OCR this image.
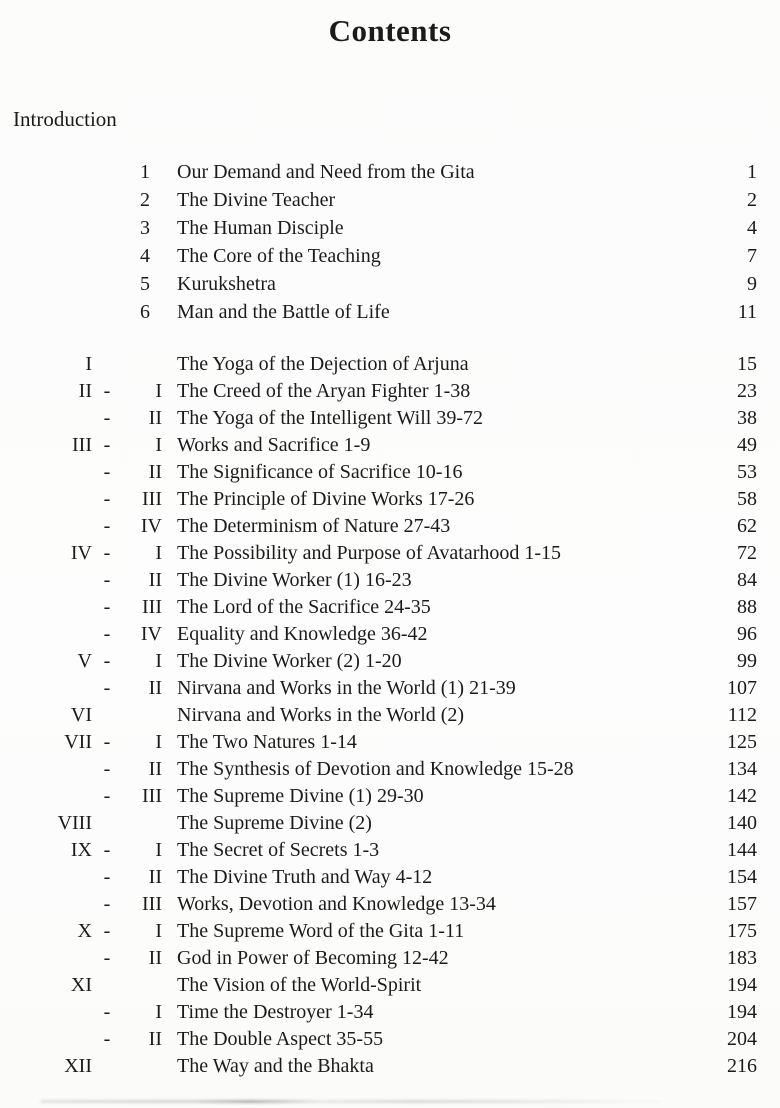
Contents
Introduction
1	Our Demand and Need from the Gita	1
2	The Divine Teacher	2
3	The Human Disciple	4
4	The Core of the Teaching	7
5	Kurukshetra	9
6	Man and the Battle of Life	11
I	The Yoga of the Dejection of Arjuna	15
II -	I The Creed of the Aryan Fighter 1-38	23
-	II The Yoga of the Intelligent Will 39-72	38
III -	I Works and Sacrifice 1-9	49
-	II The Significance of Sacrifice 10-16	53
-	III The Principle of Divine Works 17-26	58
-	IV The Determinism of Nature 27-43	62
IV -	I The Possibility and Purpose of Avatarhood 1-15	72
-	II The Divine Worker (1) 16-23	84
-	III The Lord of the Sacrifice 24-35	88
-	IV Equality and Knowledge 36-42	96
V -	I The Divine Worker (2) 1-20	99
-	II Nirvana and Works in the World (1) 21-39	107
VI	Nirvana and Works in the World (2)	112
VII -	I The Two Natures 1-14	125
-	II The Synthesis of Devotion and Knowledge 15-28	134
-	III The Supreme Divine (1) 29-30	142
VIII	The Supreme Divine (2)	140
IX -	I The Secret of Secrets 1-3	144
-	II The Divine Truth and Way 4-12	154
-	III Works, Devotion and Knowledge 13-34	157
X -	I The Supreme Word of the Gita 1-11	175
-	II God in Power of Becoming 12-42	183
XI	The Vision of the World-Spirit	194
-	I Time the Destroyer 1-34	194
-	II The Double Aspect 35-55	204
XII	The Way and the Bhakta	216
